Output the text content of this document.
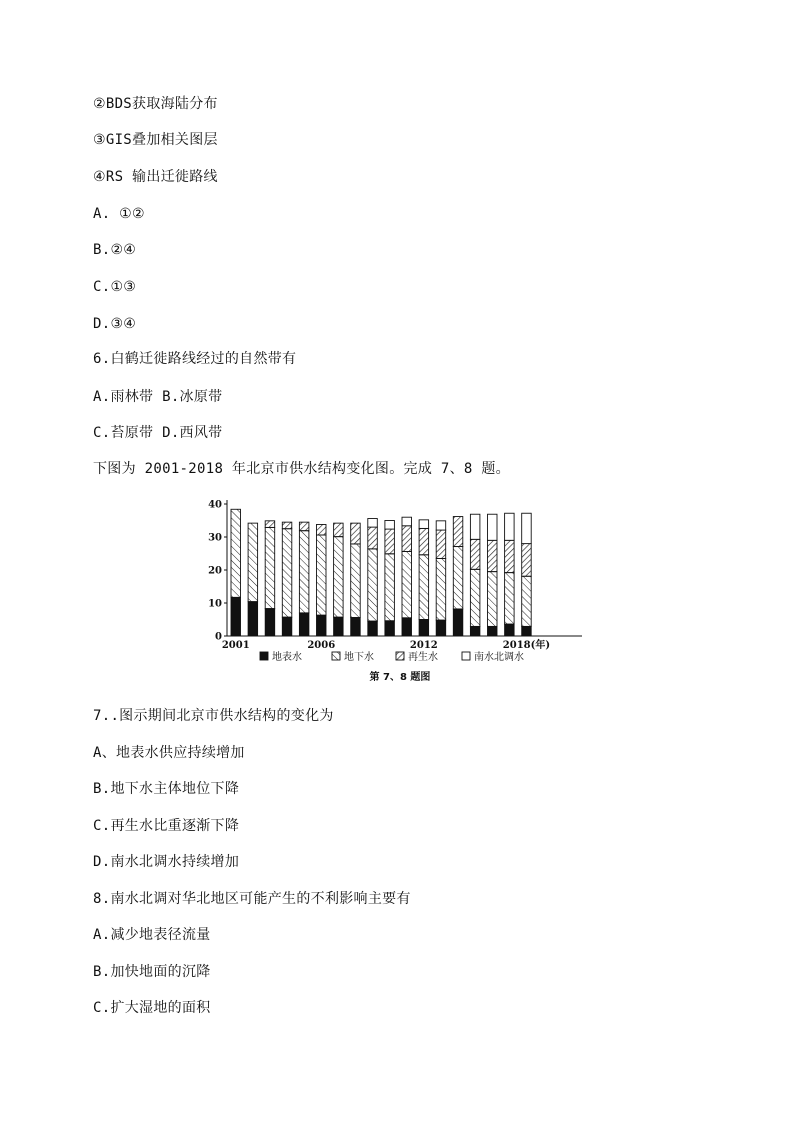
②BDS获取海陆分布
③GIS叠加相关图层
④RS 输出迁徙路线
A. ①②
B.②④
C.①③
D.③④
6.白鹤迁徙路线经过的自然带有
A.雨林带 B.冰原带
C.苔原带 D.西风带
下图为 2001-2018 年北京市供水结构变化图。完成 7、8 题。
0
10
20
30
40
2001	2006	2012	2018(年)
地表水	地下水	再生水	南水北调水
第 7、8 题图
7..图示期间北京市供水结构的变化为
A、地表水供应持续增加
B.地下水主体地位下降
C.再生水比重逐渐下降
D.南水北调水持续增加
8.南水北调对华北地区可能产生的不利影响主要有
A.减少地表径流量
B.加快地面的沉降
C.扩大湿地的面积
